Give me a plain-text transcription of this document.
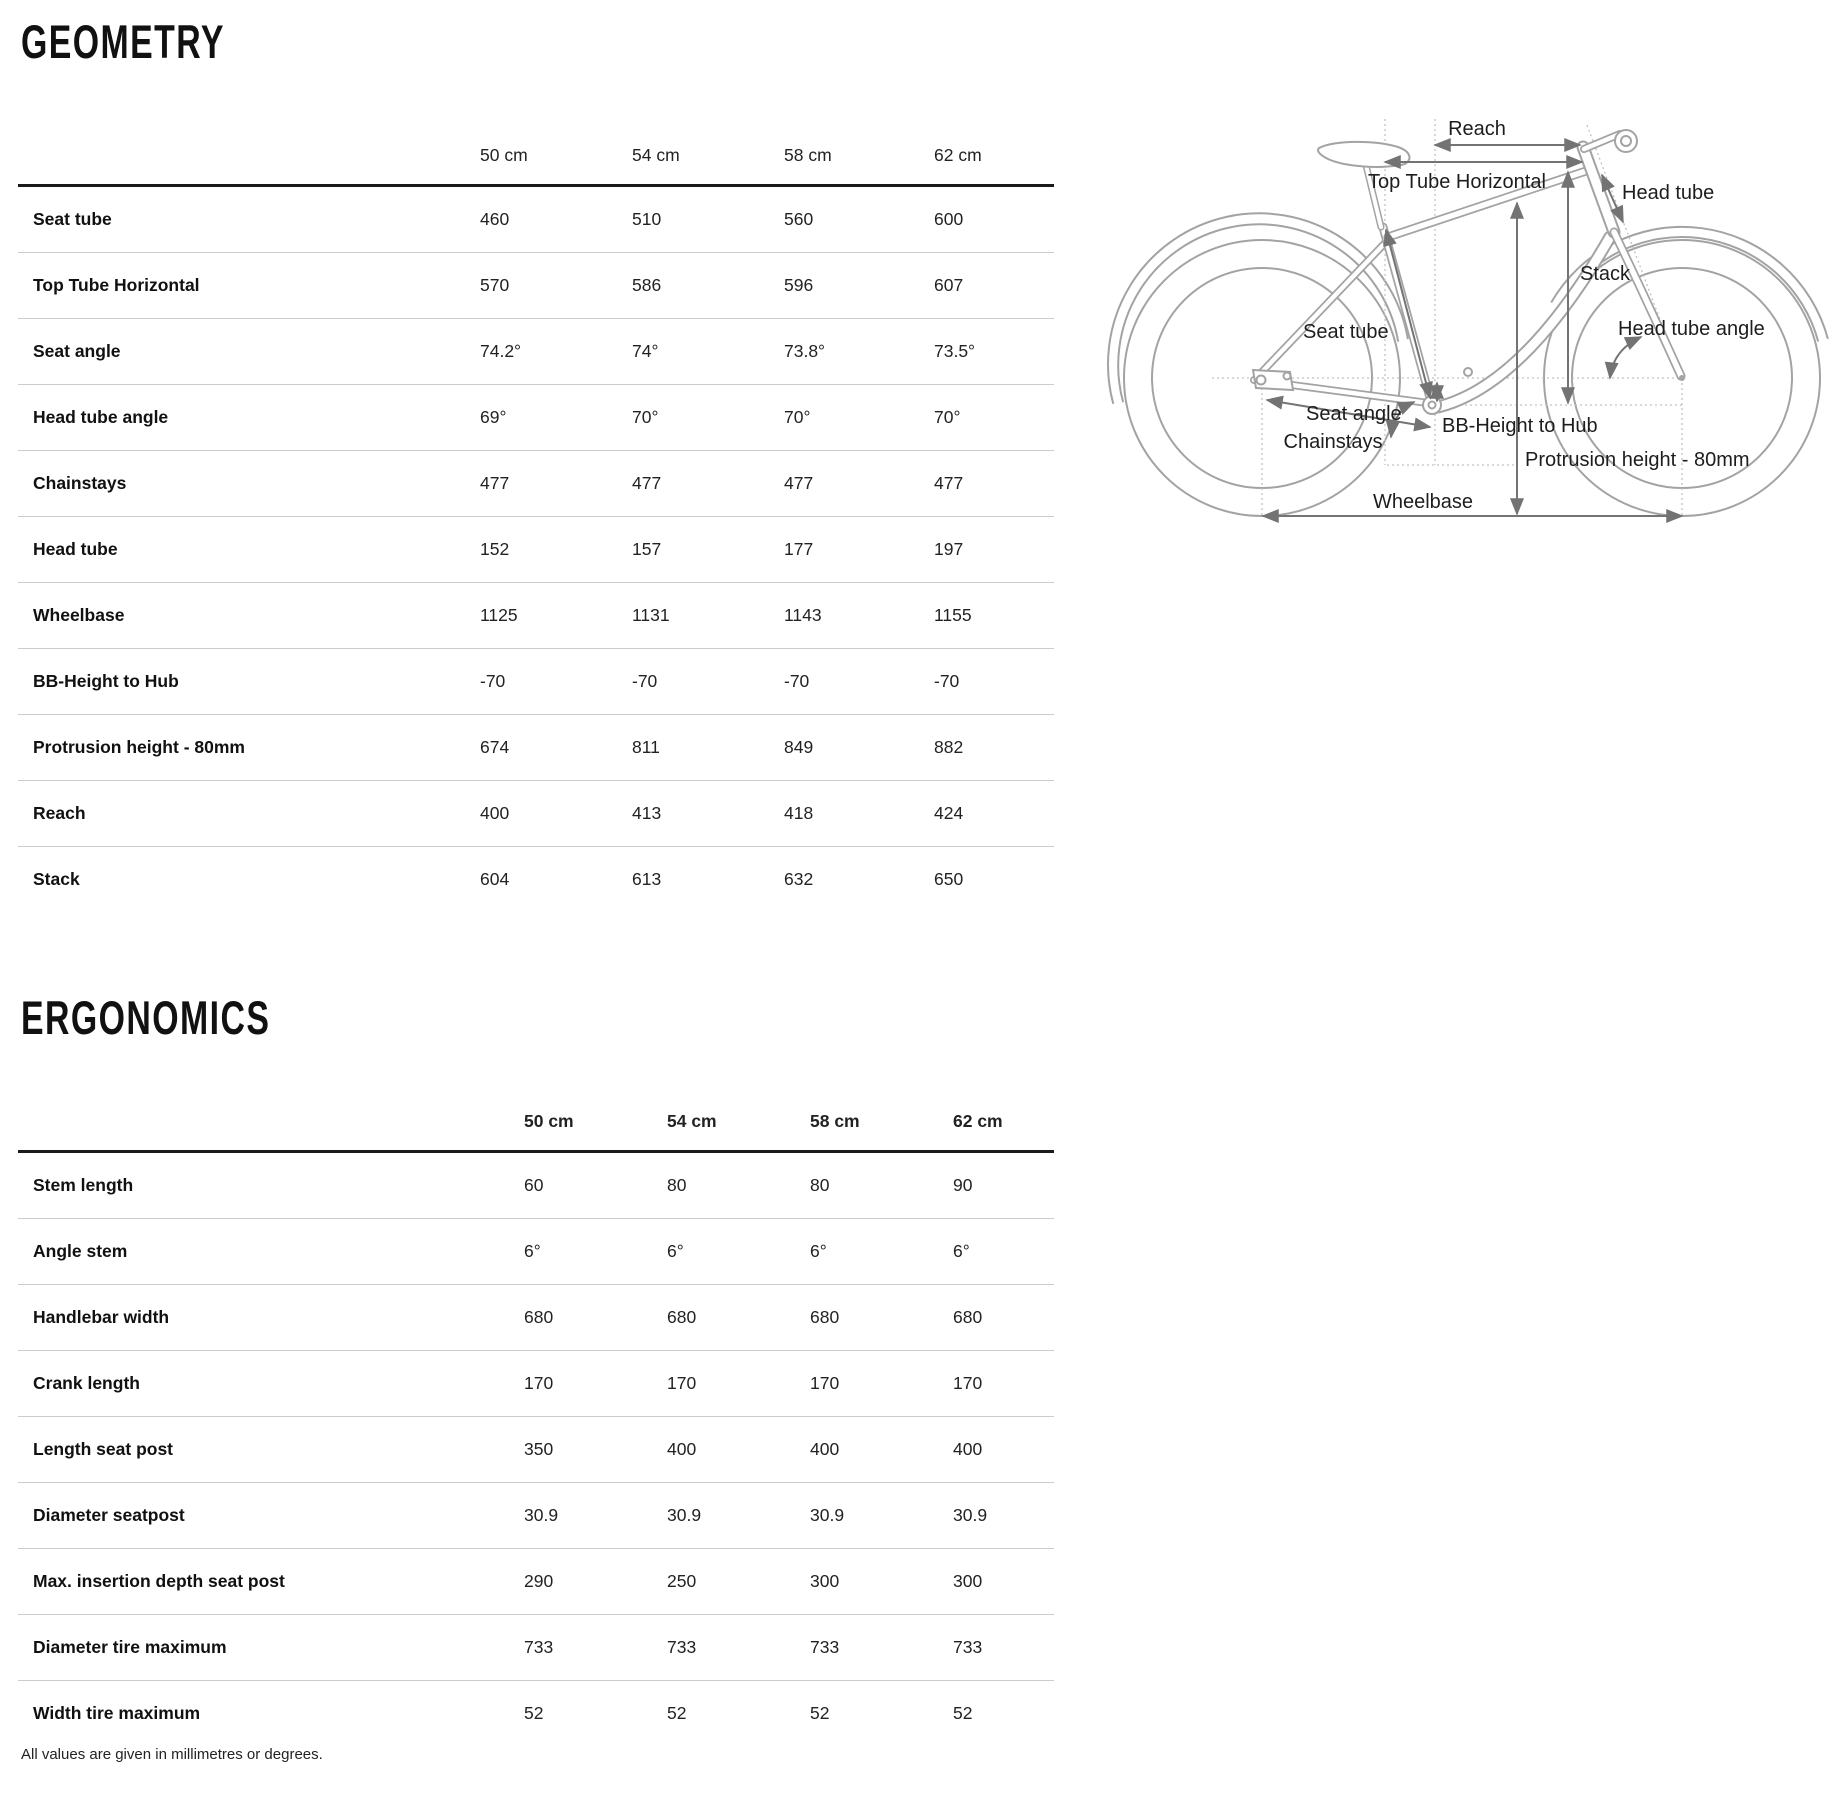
GEOMETRY
50 cm	54 cm	58 cm	62 cm
Seat tube	460	510	560	600
Top Tube Horizontal	570	586	596	607
Seat angle	74.2°	74°	73.8°	73.5°
Head tube angle	69°	70°	70°	70°
Chainstays	477	477	477	477
Head tube	152	157	177	197
Wheelbase	1125	1131	1143	1155
BB-Height to Hub	-70	-70	-70	-70
Protrusion height - 80mm	674	811	849	882
Reach	400	413	418	424
Stack	604	613	632	650
ERGONOMICS
50 cm	54 cm	58 cm	62 cm
Stem length	60	80	80	90
Angle stem	6°	6°	6°	6°
Handlebar width	680	680	680	680
Crank length	170	170	170	170
Length seat post	350	400	400	400
Diameter seatpost	30.9	30.9	30.9	30.9
Max. insertion depth seat post	290	250	300	300
Diameter tire maximum	733	733	733	733
Width tire maximum	52	52	52	52
Reach
Top Tube Horizontal	Head tube
Stack
Seat tube
Seat angle
Head tube angle
Chainstays
BB-Height to Hub
Protrusion height - 80mm
Wheelbase
All values are given in millimetres or degrees.
